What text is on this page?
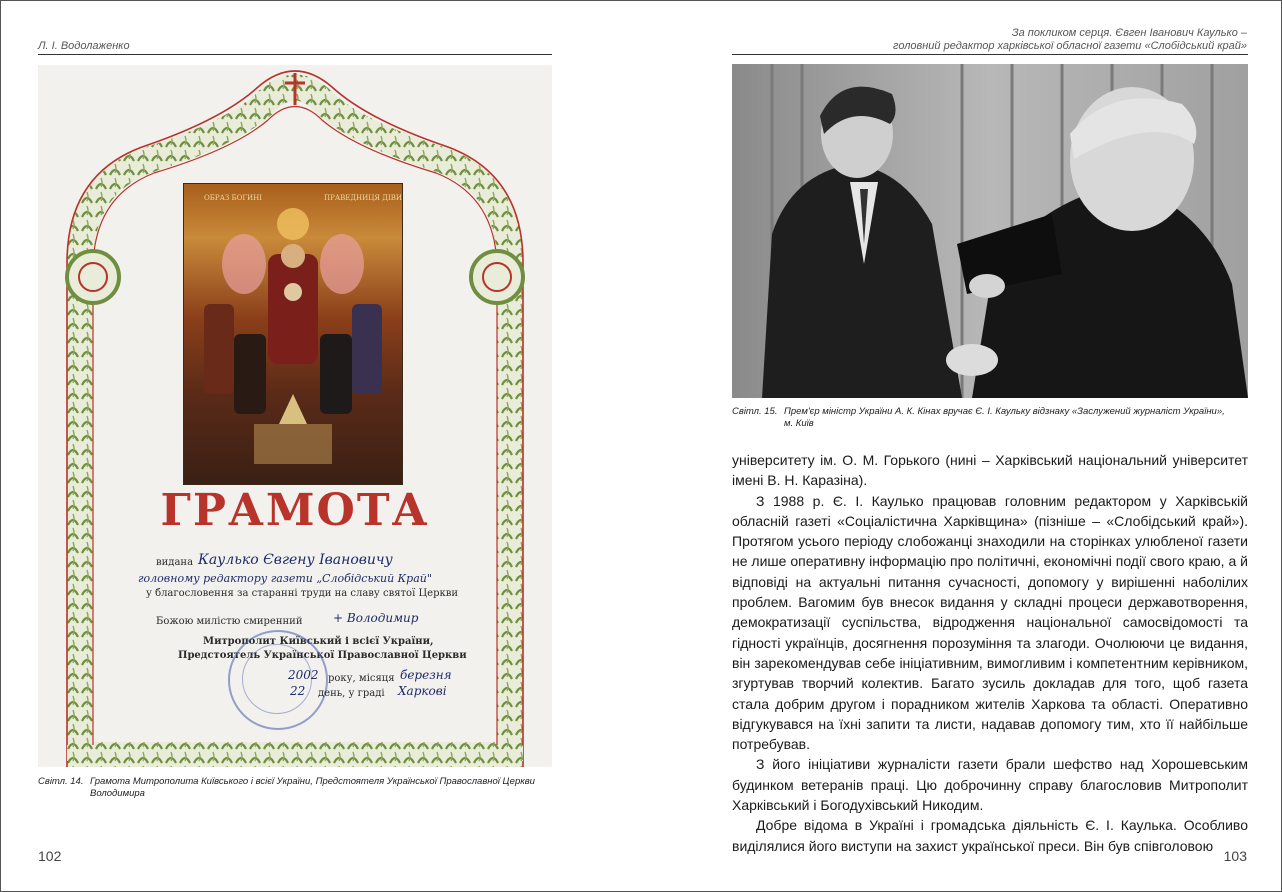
Л. І. Водолаженко
ОБРАЗ БОГИНІ	ПРАВЕДНИЦЯ ДІВИ
ГРАМОТА
видана Каулько Євгену Івановичу
головному редактору газети „Слобідський Край"
у благословення за старанні труди на славу святої Церкви
Божою милістю смиренний	+ Володимир
Митрополит Київський і всієї України,
Предстоятель Української Православної Церкви
2002 року, місяця березня
22 день, у граді Харкові
Світл. 14. Грамота Митрополита Київського і всієї України, Предстоятеля Української Православної Церкви Володимира
102
За покликом серця. Євген Іванович Каулько –
головний редактор харківської обласної газети «Слобідський край»
Світл. 15. Прем'єр міністр України А. К. Кінах вручає Є. І. Каульку відзнаку «Заслужений журналіст України», м. Київ

університету ім. О. М. Горького (нині – Харківський національний університет імені В. Н. Каразіна).

З 1988 р. Є. І. Каулько працював головним редактором у Харківській обласній газеті «Соціалістична Харківщина» (пізніше – «Слобідський край»). Протягом усього періоду слобожанці знаходили на сторінках улюбленої газети не лише оперативну інформацію про політичні, економічні події свого краю, а й відповіді на актуальні питання сучасності, допомогу у вирішенні наболілих проблем. Вагомим був внесок видання у складні процеси державотворення, демократизації суспільства, відродження національної самосвідомості та гідності українців, досягнення порозуміння та злагоди. Очолюючи це видання, він зарекомендував себе ініціативним, вимогливим і компетентним керівником, згуртував творчий колектив. Багато зусиль докладав для того, щоб газета стала добрим другом і порадником жителів Харкова та області. Оперативно відгукувався на їхні запити та листи, надавав допомогу тим, хто її найбільше потребував.

З його ініціативи журналісти газети брали шефство над Хорошевським будинком ветеранів праці. Цю доброчинну справу благословив Митрополит Харківський і Богодухівський Никодим.

Добре відома в Україні і громадська діяльність Є. І. Каулька. Особливо виділялися його виступи на захист української преси. Він був співголовою

103
